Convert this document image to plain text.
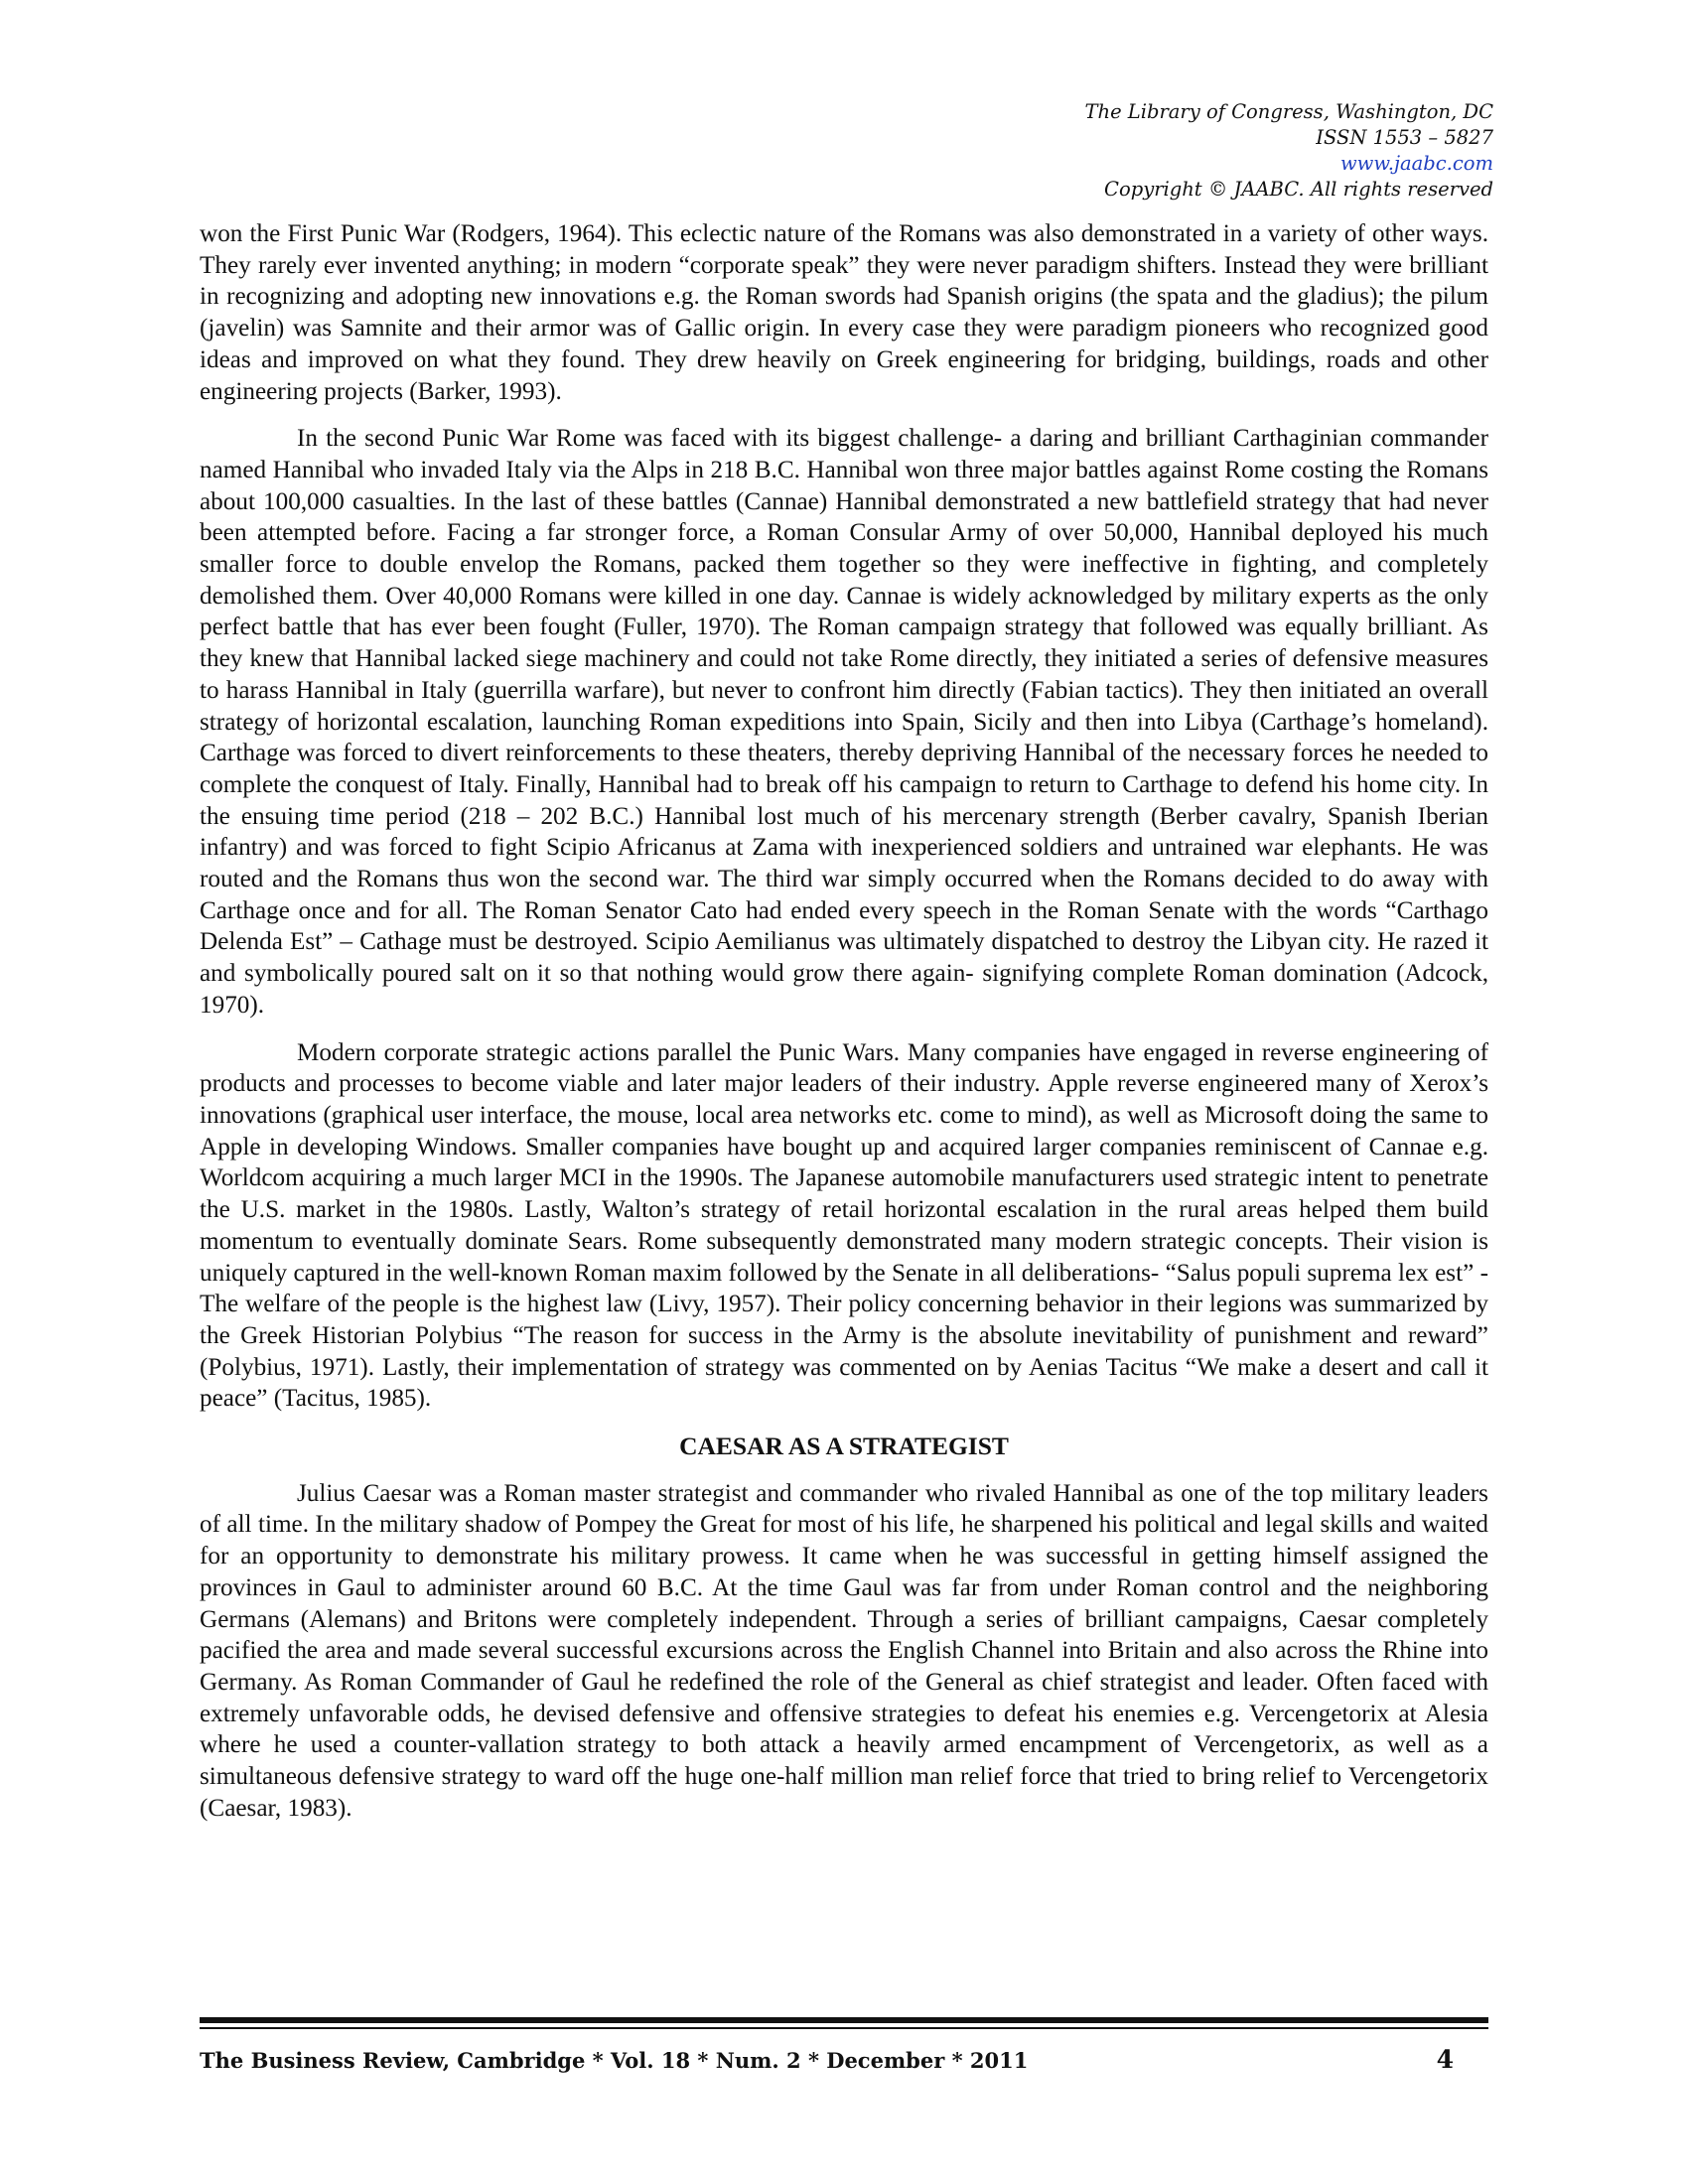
The Library of Congress, Washington, DC
ISSN 1553 – 5827
www.jaabc.com
Copyright © JAABC. All rights reserved

won the First Punic War (Rodgers, 1964). This eclectic nature of the Romans was also demonstrated in a variety of other ways. They rarely ever invented anything; in modern “corporate speak” they were never paradigm shifters. Instead they were brilliant in recognizing and adopting new innovations e.g. the Roman swords had Spanish origins (the spata and the gladius); the pilum (javelin) was Samnite and their armor was of Gallic origin. In every case they were paradigm pioneers who recognized good ideas and improved on what they found. They drew heavily on Greek engineering for bridging, buildings, roads and other engineering projects (Barker, 1993).

In the second Punic War Rome was faced with its biggest challenge- a daring and brilliant Carthaginian commander named Hannibal who invaded Italy via the Alps in 218 B.C. Hannibal won three major battles against Rome costing the Romans about 100,000 casualties. In the last of these battles (Cannae) Hannibal demonstrated a new battlefield strategy that had never been attempted before. Facing a far stronger force, a Roman Consular Army of over 50,000, Hannibal deployed his much smaller force to double envelop the Romans, packed them together so they were ineffective in fighting, and completely demolished them. Over 40,000 Romans were killed in one day. Cannae is widely acknowledged by military experts as the only perfect battle that has ever been fought (Fuller, 1970). The Roman campaign strategy that followed was equally brilliant. As they knew that Hannibal lacked siege machinery and could not take Rome directly, they initiated a series of defensive measures to harass Hannibal in Italy (guerrilla warfare), but never to confront him directly (Fabian tactics). They then initiated an overall strategy of horizontal escalation, launching Roman expeditions into Spain, Sicily and then into Libya (Carthage’s homeland). Carthage was forced to divert reinforcements to these theaters, thereby depriving Hannibal of the necessary forces he needed to complete the conquest of Italy. Finally, Hannibal had to break off his campaign to return to Carthage to defend his home city. In the ensuing time period (218 – 202 B.C.) Hannibal lost much of his mercenary strength (Berber cavalry, Spanish Iberian infantry) and was forced to fight Scipio Africanus at Zama with inexperienced soldiers and untrained war elephants. He was routed and the Romans thus won the second war. The third war simply occurred when the Romans decided to do away with Carthage once and for all. The Roman Senator Cato had ended every speech in the Roman Senate with the words “Carthago Delenda Est” – Cathage must be destroyed. Scipio Aemilianus was ultimately dispatched to destroy the Libyan city. He razed it and symbolically poured salt on it so that nothing would grow there again- signifying complete Roman domination (Adcock, 1970).

Modern corporate strategic actions parallel the Punic Wars. Many companies have engaged in reverse engineering of products and processes to become viable and later major leaders of their industry. Apple reverse engineered many of Xerox’s innovations (graphical user interface, the mouse, local area networks etc. come to mind), as well as Microsoft doing the same to Apple in developing Windows. Smaller companies have bought up and acquired larger companies reminiscent of Cannae e.g. Worldcom acquiring a much larger MCI in the 1990s. The Japanese automobile manufacturers used strategic intent to penetrate the U.S. market in the 1980s. Lastly, Walton’s strategy of retail horizontal escalation in the rural areas helped them build momentum to eventually dominate Sears. Rome subsequently demonstrated many modern strategic concepts. Their vision is uniquely captured in the well-known Roman maxim followed by the Senate in all deliberations- “Salus populi suprema lex est” - The welfare of the people is the highest law (Livy, 1957). Their policy concerning behavior in their legions was summarized by the Greek Historian Polybius “The reason for success in the Army is the absolute inevitability of punishment and reward” (Polybius, 1971). Lastly, their implementation of strategy was commented on by Aenias Tacitus “We make a desert and call it peace” (Tacitus, 1985).

CAESAR AS A STRATEGIST

Julius Caesar was a Roman master strategist and commander who rivaled Hannibal as one of the top military leaders of all time. In the military shadow of Pompey the Great for most of his life, he sharpened his political and legal skills and waited for an opportunity to demonstrate his military prowess. It came when he was successful in getting himself assigned the provinces in Gaul to administer around 60 B.C. At the time Gaul was far from under Roman control and the neighboring Germans (Alemans) and Britons were completely independent. Through a series of brilliant campaigns, Caesar completely pacified the area and made several successful excursions across the English Channel into Britain and also across the Rhine into Germany. As Roman Commander of Gaul he redefined the role of the General as chief strategist and leader. Often faced with extremely unfavorable odds, he devised defensive and offensive strategies to defeat his enemies e.g. Vercengetorix at Alesia where he used a counter-vallation strategy to both attack a heavily armed encampment of Vercengetorix, as well as a simultaneous defensive strategy to ward off the huge one-half million man relief force that tried to bring relief to Vercengetorix (Caesar, 1983).

The Business Review, Cambridge * Vol. 18 * Num. 2 * December * 2011	4
